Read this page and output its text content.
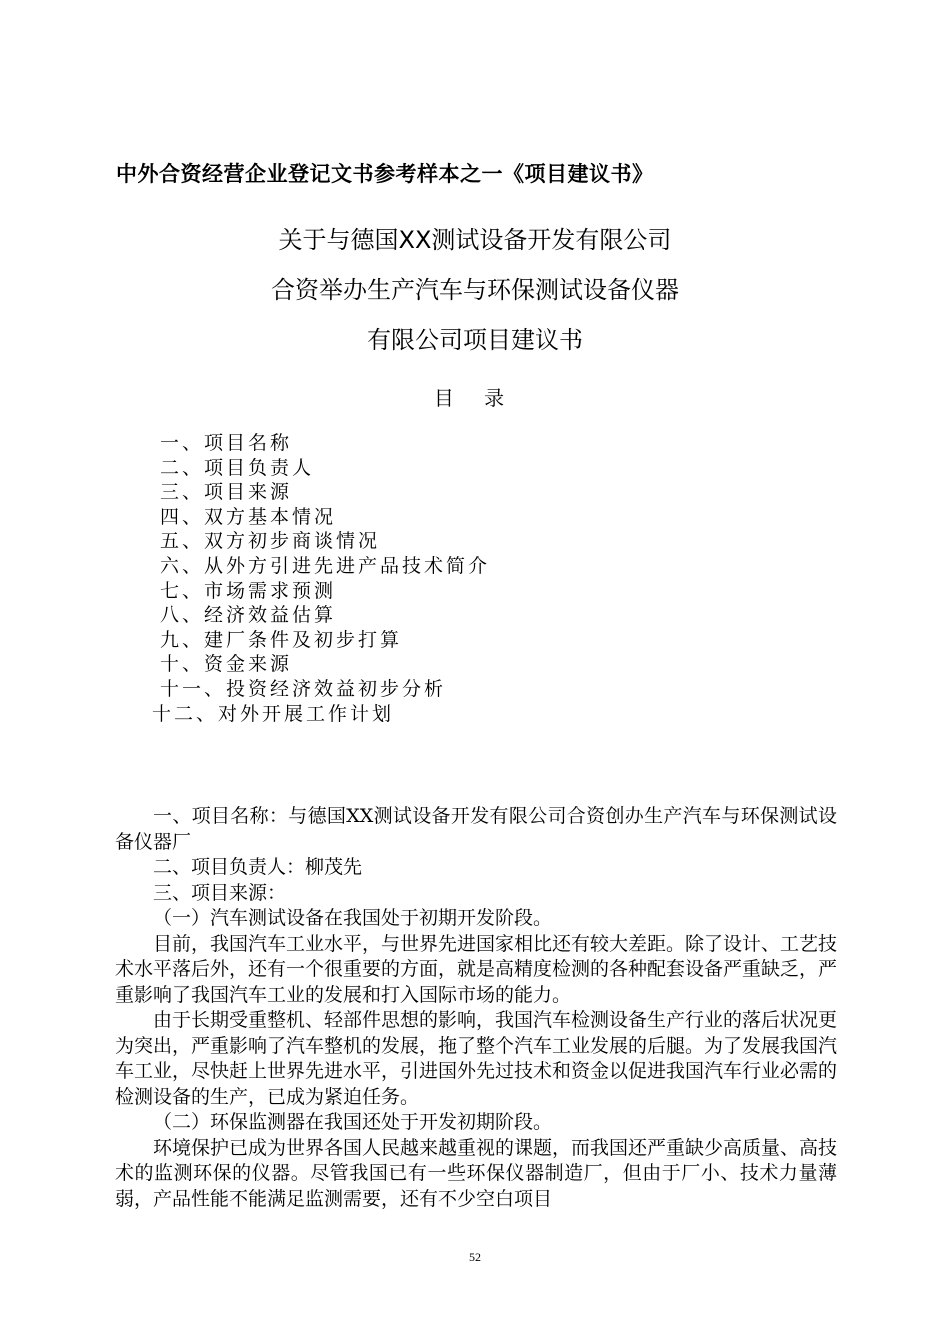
中外合资经营企业登记文书参考样本之一《项目建议书》
关于与德国XX测试设备开发有限公司
合资举办生产汽车与环保测试设备仪器
有限公司项目建议书
目 录
一、项目名称
二、项目负责人
三、项目来源
四、双方基本情况
五、双方初步商谈情况
六、从外方引进先进产品技术简介
七、市场需求预测
八、经济效益估算
九、建厂条件及初步打算
十、资金来源
十一、投资经济效益初步分析
十二、对外开展工作计划

一、项目名称：与德国XX测试设备开发有限公司合资创办生产汽车与环保测试设备仪器厂

二、项目负责人：柳茂先

三、项目来源：

（一）汽车测试设备在我国处于初期开发阶段。

目前，我国汽车工业水平，与世界先进国家相比还有较大差距。除了设计、工艺技术水平落后外，还有一个很重要的方面，就是高精度检测的各种配套设备严重缺乏，严重影响了我国汽车工业的发展和打入国际市场的能力。

由于长期受重整机、轻部件思想的影响，我国汽车检测设备生产行业的落后状况更为突出，严重影响了汽车整机的发展，拖了整个汽车工业发展的后腿。为了发展我国汽车工业，尽快赶上世界先进水平，引进国外先过技术和资金以促进我国汽车行业必需的检测设备的生产，已成为紧迫任务。

（二）环保监测器在我国还处于开发初期阶段。

环境保护已成为世界各国人民越来越重视的课题，而我国还严重缺少高质量、高技术的监测环保的仪器。尽管我国已有一些环保仪器制造厂，但由于厂小、技术力量薄弱，产品性能不能满足监测需要，还有不少空白项目

52
